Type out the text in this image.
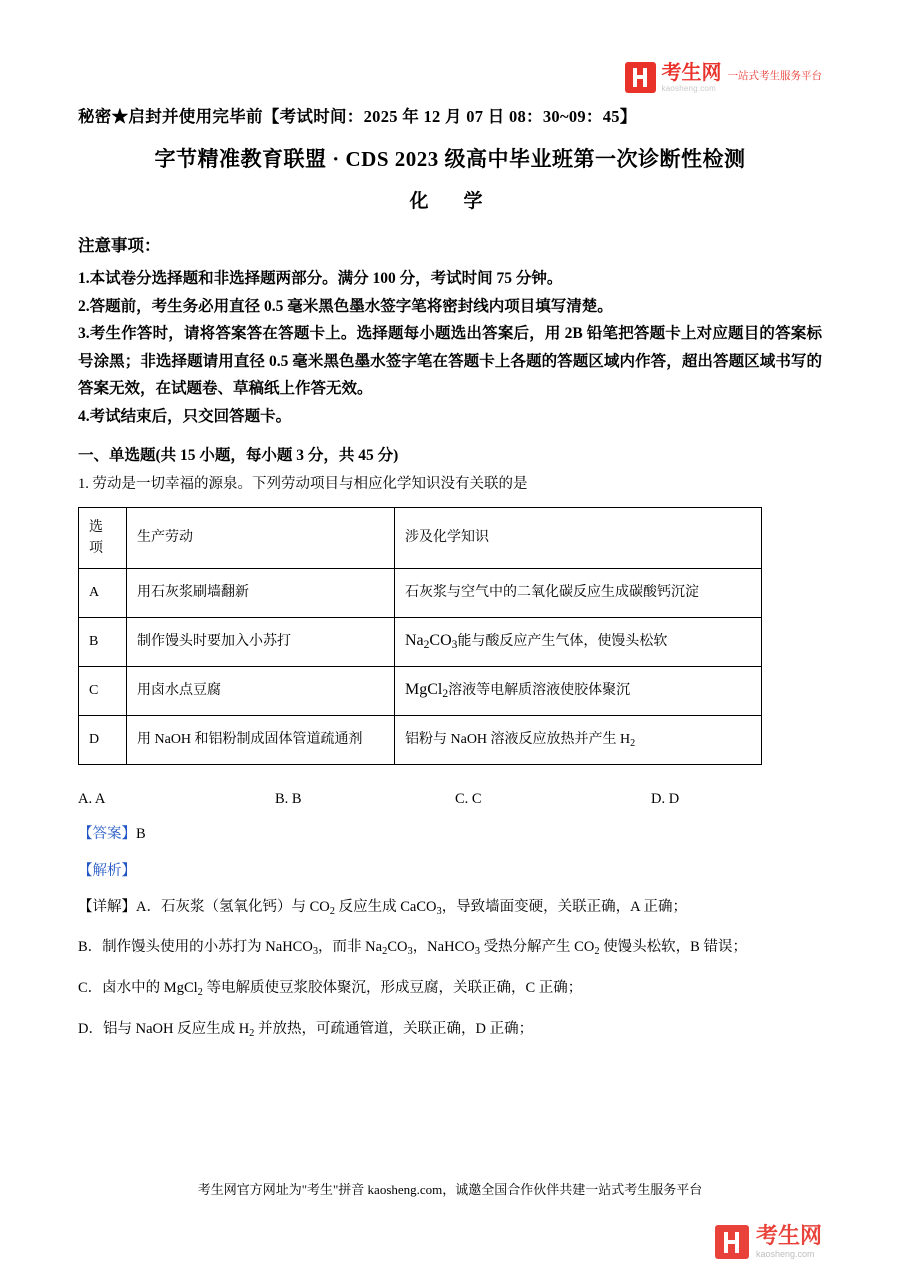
考生网
kaosheng.com
一站式考生服务平台
秘密★启封并使用完毕前【考试时间：2025 年 12 月 07 日 08：30~09：45】
字节精准教育联盟 · CDS 2023 级高中毕业班第一次诊断性检测
化　学
注意事项：
1.本试卷分选择题和非选择题两部分。满分 100 分，考试时间 75 分钟。
2.答题前，考生务必用直径 0.5 毫米黑色墨水签字笔将密封线内项目填写清楚。
3.考生作答时，请将答案答在答题卡上。选择题每小题选出答案后，用 2B 铅笔把答题卡上对应题目的答案标号涂黑；非选择题请用直径 0.5 毫米黑色墨水签字笔在答题卡上各题的答题区域内作答，超出答题区域书写的答案无效，在试题卷、草稿纸上作答无效。
4.考试结束后，只交回答题卡。
一、单选题(共 15 小题，每小题 3 分，共 45 分)
1. 劳动是一切幸福的源泉。下列劳动项目与相应化学知识没有关联的是
选项	生产劳动	涉及化学知识
A	用石灰浆刷墙翻新	石灰浆与空气中的二氧化碳反应生成碳酸钙沉淀
B	制作馒头时要加入小苏打	$Na_2CO_3$能与酸反应产生气体，使馒头松软
C	用卤水点豆腐	MgCl$_2$溶液等电解质溶液使胶体聚沉
D	用 NaOH 和铝粉制成固体管道疏通剂	铝粉与 NaOH 溶液反应放热并产生 $H_2$
A. A	B. B	C. C	D. D
【答案】B
【解析】
【详解】A．石灰浆（氢氧化钙）与 $CO_2$ 反应生成 CaCO$_3$，导致墙面变硬，关联正确，A 正确；
B．制作馒头使用的小苏打为 NaHCO$_3$，而非 $Na_2CO_3$，NaHCO$_3$ 受热分解产生 $CO_2$ 使馒头松软，B 错误；
C．卤水中的 MgCl$_2$ 等电解质使豆浆胶体聚沉，形成豆腐，关联正确，C 正确；
D．铝与 NaOH 反应生成 $H_2$ 并放热，可疏通管道，关联正确，D 正确；
考生网官方网址为"考生"拼音 kaosheng.com，诚邀全国合作伙伴共建一站式考生服务平台
考生网
kaosheng.com
